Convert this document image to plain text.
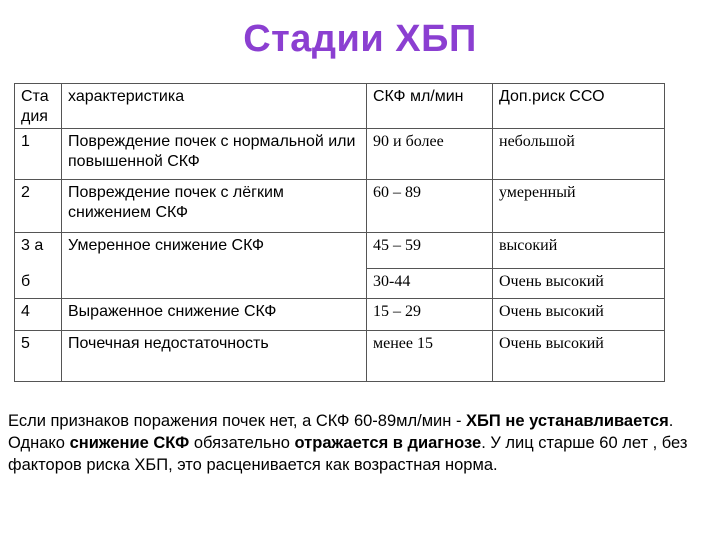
Стадии ХБП
Ста дия	характеристика	СКФ мл/мин	Доп.риск ССО
1	Повреждение почек с нормальной или повышенной СКФ	90 и более	небольшой
2	Повреждение почек с лёгким снижением СКФ	60 – 89	умеренный
3 а	Умеренное снижение СКФ	45 – 59	высокий
б		30-44	Очень высокий
4	Выраженное снижение СКФ	15 – 29	Очень высокий
5	Почечная недостаточность	менее 15	Очень высокий

Если признаков поражения почек нет, а СКФ 60-89мл/мин - ХБП не устанавливается. Однако снижение СКФ обязательно отражается в диагнозе. У лиц старше 60 лет , без факторов риска ХБП, это расценивается как возрастная норма.
